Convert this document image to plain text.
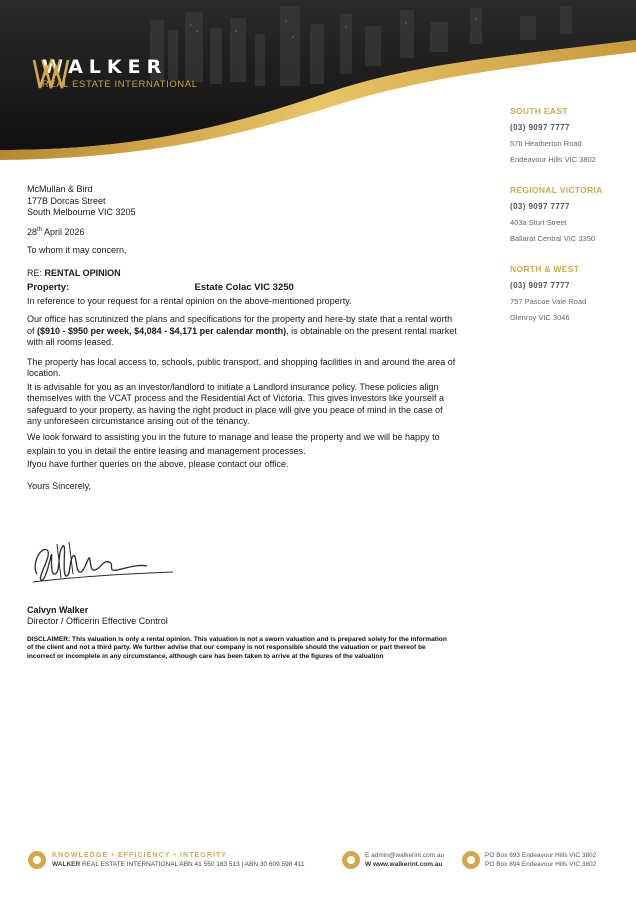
WALKER
REAL ESTATE INTERNATIONAL
SOUTH EAST
(03) 9097 7777
57b Heatherton Road
Endeavour Hills VIC 3802
REGIONAL VICTORIA
(03) 9097 7777
403a Sturt Street
Ballarat Central VIC 3350
NORTH & WEST
(03) 9097 7777
757 Pascoe Vale Road
Glenroy VIC 3046

McMullan & Bird

177B Dorcas Street

South Melbourne VIC 3205

28th April 2026
To whom it may concern,
RE: RENTAL OPINION
Property:	Estate Colac VIC 3250
In reference to your request for a rental opinion on the above-mentioned property.
Our office has scrutinized the plans and specifications for the property and here-by state that a rental worth of ($910 - $950 per week, $4,084 - $4,171 per calendar month), is obtainable on the present rental market with all rooms leased.
The property has local access to, schools, public transport, and shopping facilities in and around the area of location.
It is advisable for you as an investor/landlord to initiate a Landlord insurance policy. These policies align themselves with the VCAT process and the Residential Act of Victoria. This gives investors like yourself a safeguard to your property, as having the right product in place will give you peace of mind in the case of any unforeseen circumstance arising out of the tenancy.
We look forward to assisting you in the future to manage and lease the property and we will be happy to explain to you in detail the entire leasing and management processes.
Ifyou have further queries on the above, please contact our office.
Yours Sincerely,
Calvyn Walker
Director / Officerin Effective Control
DISCLAIMER: This valuation is only a rental opinion. This valuation is not a sworn valuation and is prepared solely for the information of the client and not a third party. We further advise that our company is not responsible should the valuation or part thereof be incorrect or incomplete in any circumstance, although care has been taken to arrive at the figures of the valuation
KNOWLEDGE • EFFICIENCY • INTEGRITY
WALKER REAL ESTATE INTERNATIONAL ABN 41 550 183 513 | ABN 30 609 598 411
E admin@walkerint.com.au
W www.walkerint.com.au
PO Box 893 Endeavour Hills VIC 3802
PO Box 894 Endeavour Hills VIC 3802
